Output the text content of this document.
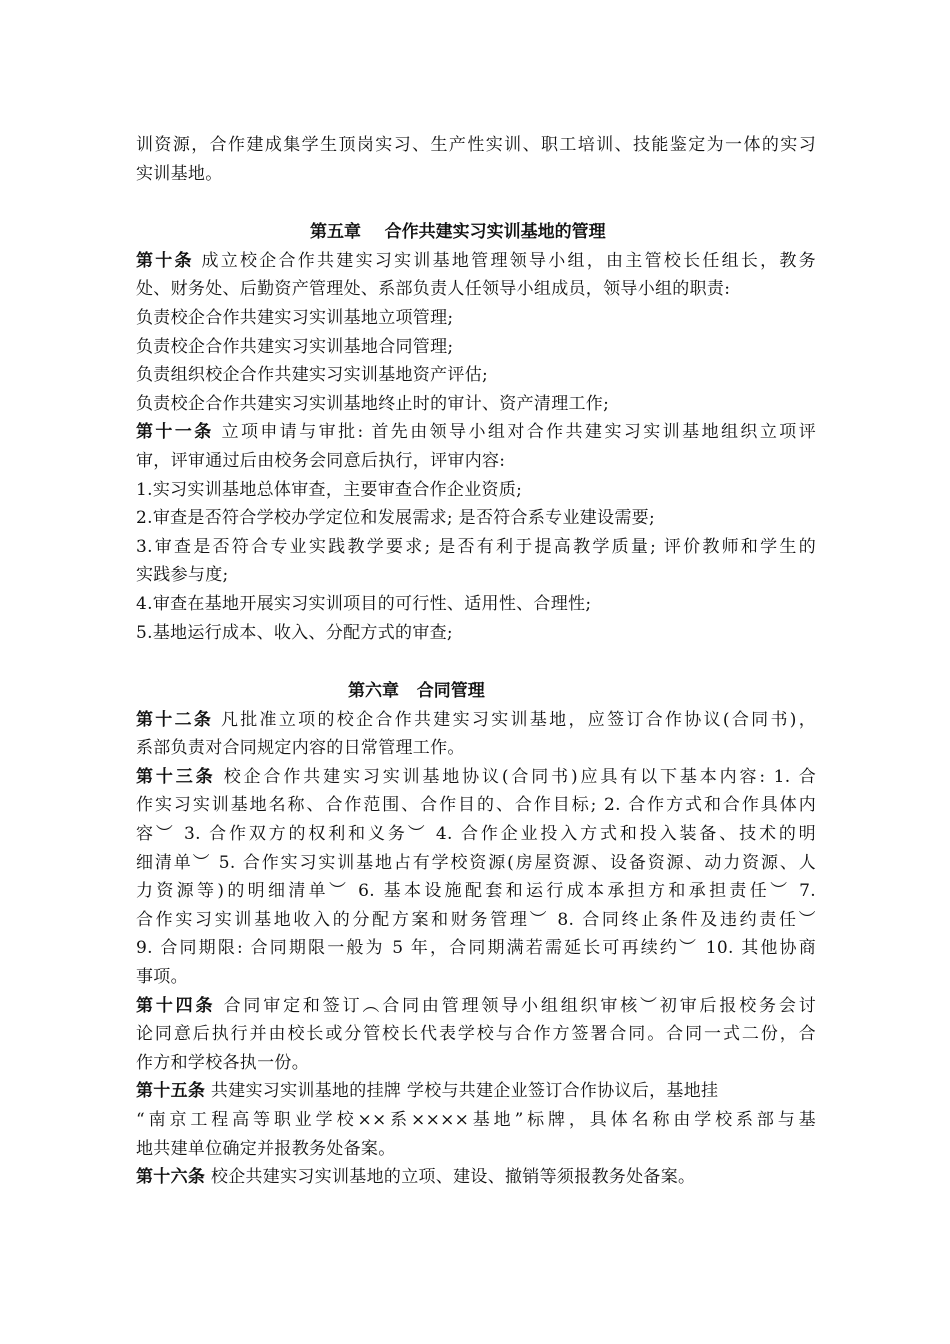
训资源，合作建成集学生顶岗实习、生产性实训、职工培训、技能鉴定为一体的实习
实训基地。
第五章    合作共建实习实训基地的管理
第十条 成立校企合作共建实习实训基地管理领导小组，由主管校长任组长，教务
处、财务处、后勤资产管理处、系部负责人任领导小组成员，领导小组的职责:
负责校企合作共建实习实训基地立项管理;
负责校企合作共建实习实训基地合同管理;
负责组织校企合作共建实习实训基地资产评估;
负责校企合作共建实习实训基地终止时的审计、资产清理工作;
第十一条 立项申请与审批: 首先由领导小组对合作共建实习实训基地组织立项评
审，评审通过后由校务会同意后执行，评审内容:
1.实习实训基地总体审查，主要审查合作企业资质;
2.审查是否符合学校办学定位和发展需求; 是否符合系专业建设需要;
3.审查是否符合专业实践教学要求; 是否有利于提高教学质量; 评价教师和学生的
实践参与度;
4.审查在基地开展实习实训项目的可行性、适用性、合理性;
5.基地运行成本、收入、分配方式的审查;
第六章   合同管理
第十二条 凡批准立项的校企合作共建实习实训基地，应签订合作协议(合同书)，
系部负责对合同规定内容的日常管理工作。
第十三条 校企合作共建实习实训基地协议(合同书)应具有以下基本内容: 1. 合
作实习实训基地名称、合作范围、合作目的、合作目标; 2. 合作方式和合作具体内
容︶ 3. 合作双方的权利和义务︶ 4. 合作企业投入方式和投入装备、技术的明
细清单︶ 5. 合作实习实训基地占有学校资源(房屋资源、设备资源、动力资源、人
力资源等)的明细清单︶ 6. 基本设施配套和运行成本承担方和承担责任︶ 7.
合作实习实训基地收入的分配方案和财务管理︶ 8. 合同终止条件及违约责任︶
9. 合同期限: 合同期限一般为 5 年，合同期满若需延长可再续约︶ 10. 其他协商
事项。
第十四条 合同审定和签订︵合同由管理领导小组组织审核︶初审后报校务会讨
论同意后执行并由校长或分管校长代表学校与合作方签署合同。合同一式二份，合
作方和学校各执一份。
第十五条 共建实习实训基地的挂牌 学校与共建企业签订合作协议后，基地挂
“南京工程高等职业学校××系××××基地”标牌，具体名称由学校系部与基
地共建单位确定并报教务处备案。
第十六条 校企共建实习实训基地的立项、建设、撤销等须报教务处备案。
